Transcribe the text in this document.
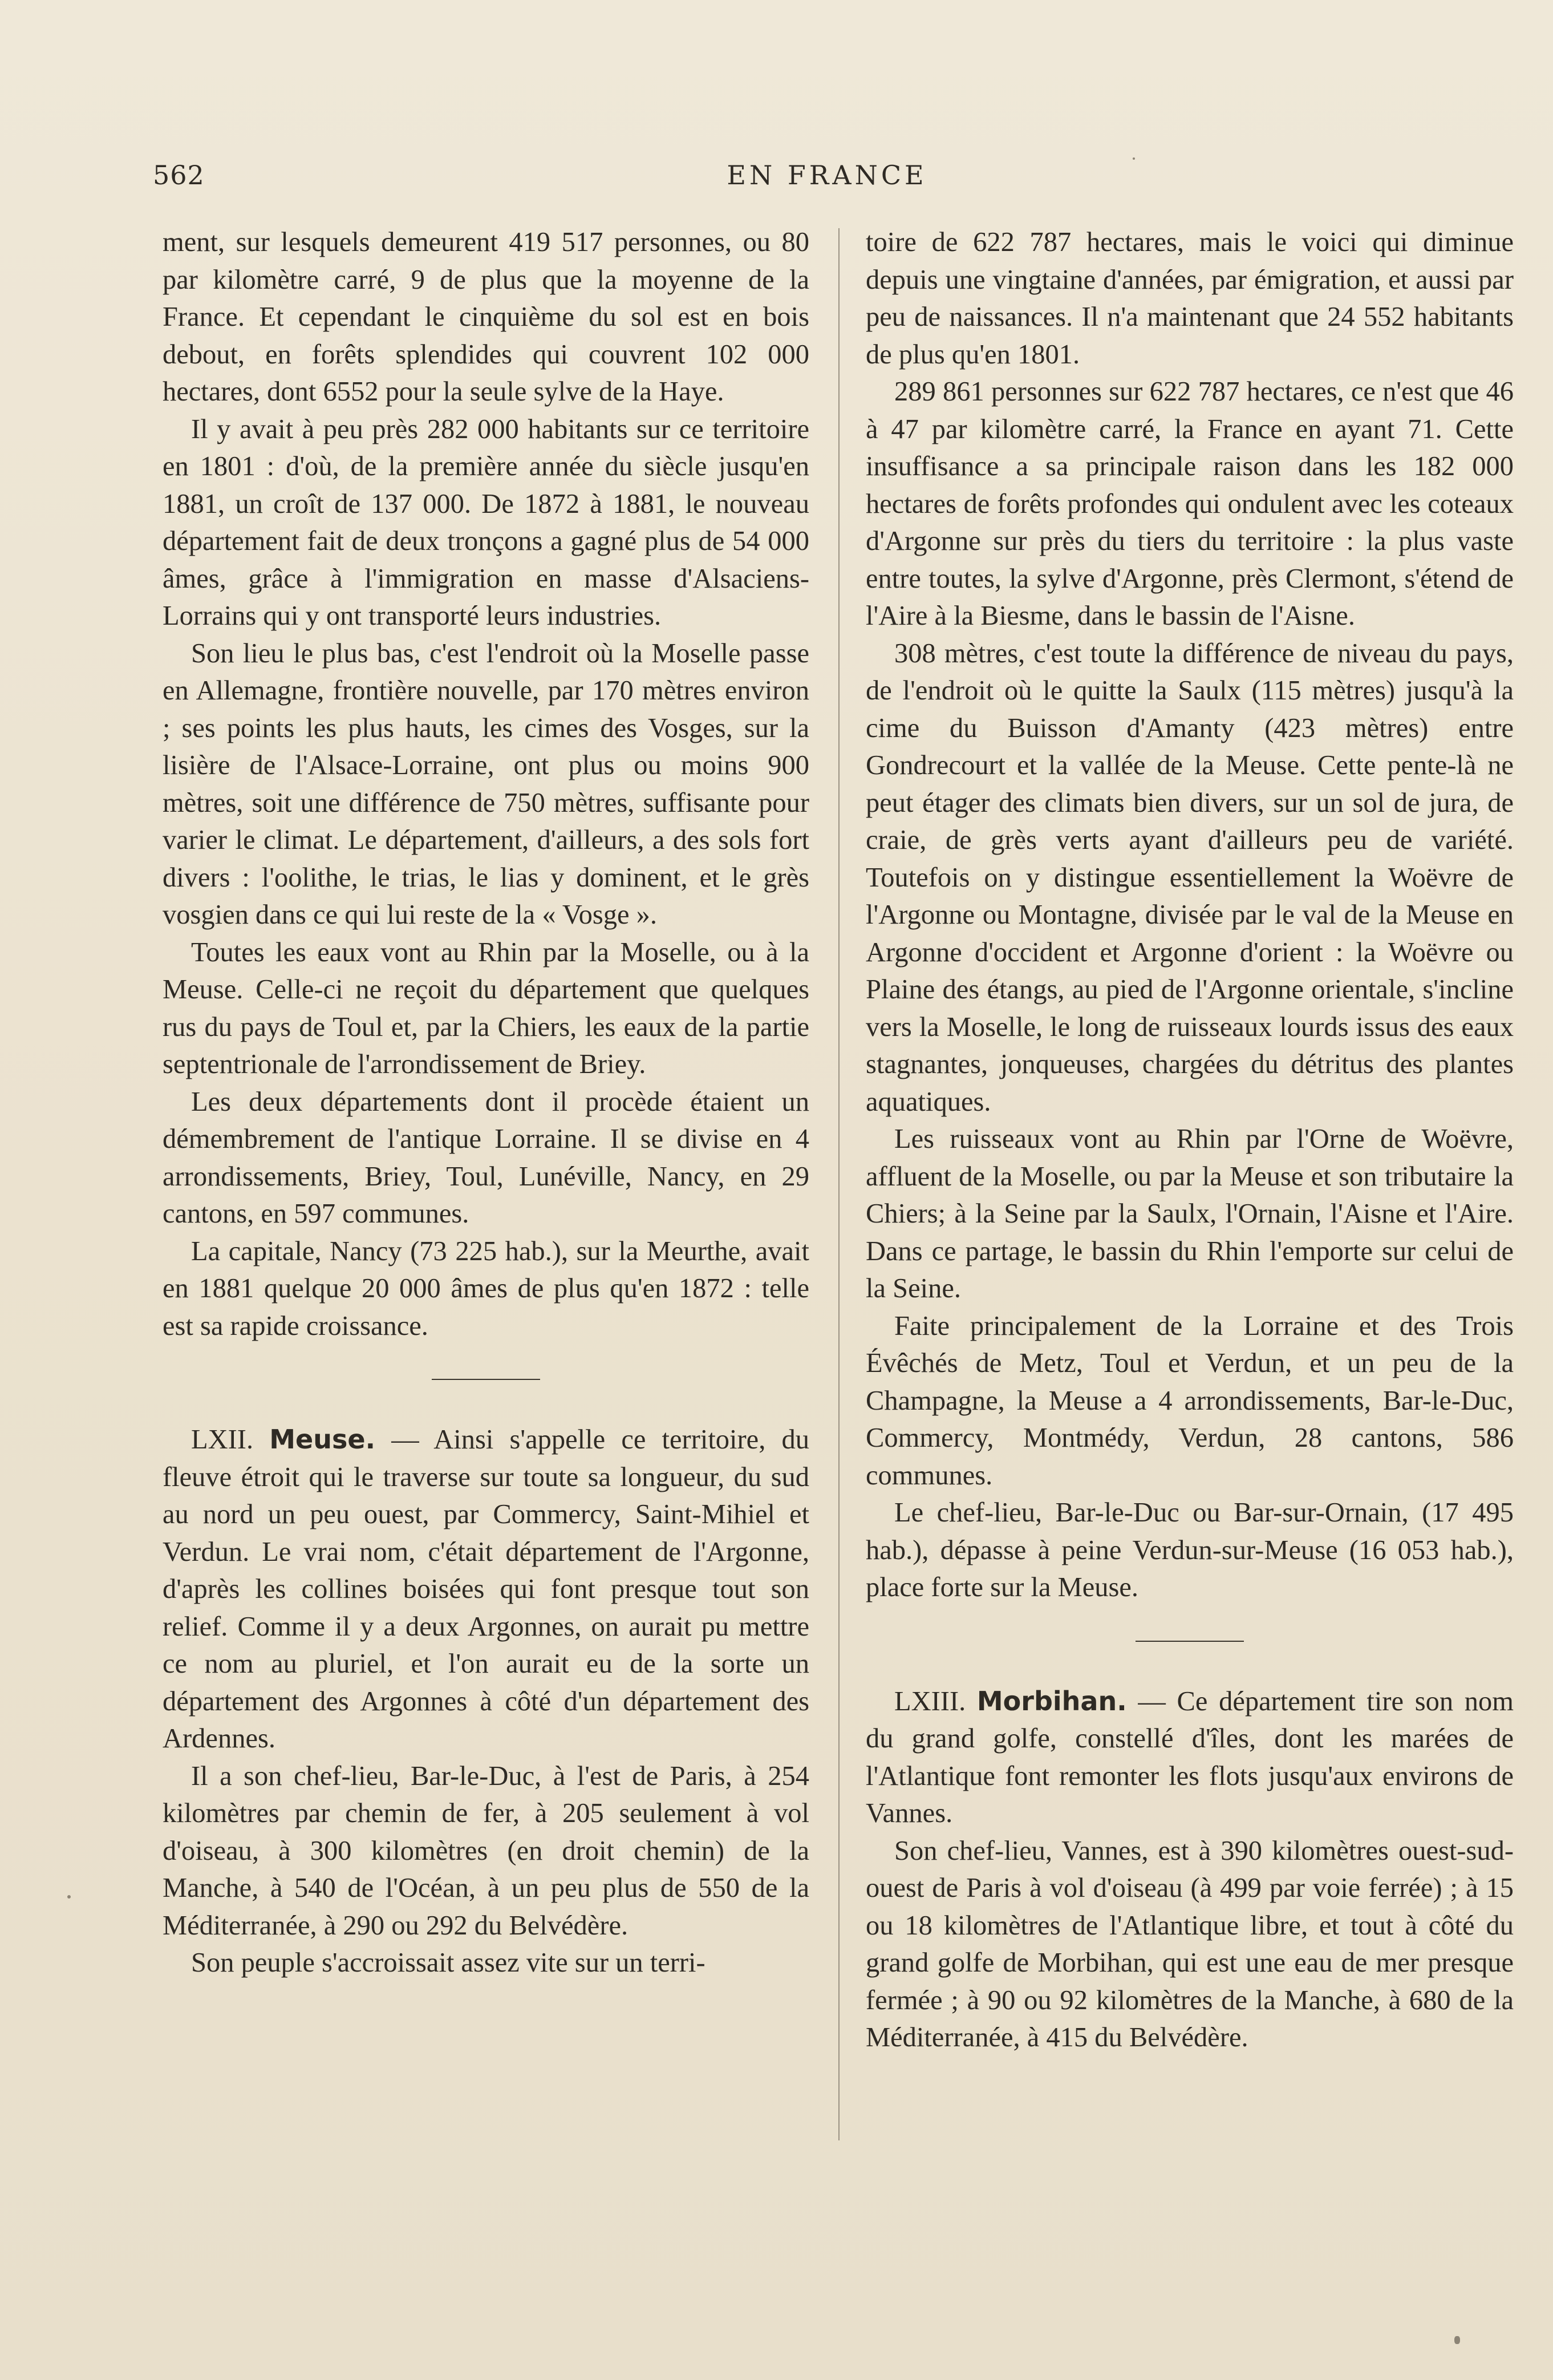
562	EN FRANCE

ment, sur lesquels demeurent 419 517 personnes, ou 80 par kilomètre carré, 9 de plus que la moyenne de la France. Et cependant le cinquième du sol est en bois debout, en forêts splendides qui couvrent 102 000 hectares, dont 6552 pour la seule sylve de la Haye.

Il y avait à peu près 282 000 habitants sur ce territoire en 1801 : d'où, de la première année du siècle jusqu'en 1881, un croît de 137 000. De 1872 à 1881, le nouveau département fait de deux tronçons a gagné plus de 54 000 âmes, grâce à l'immigration en masse d'Alsaciens-Lorrains qui y ont transporté leurs industries.

Son lieu le plus bas, c'est l'endroit où la Moselle passe en Allemagne, frontière nouvelle, par 170 mètres environ ; ses points les plus hauts, les cimes des Vosges, sur la lisière de l'Alsace-Lorraine, ont plus ou moins 900 mètres, soit une différence de 750 mètres, suffisante pour varier le climat. Le département, d'ailleurs, a des sols fort divers : l'oolithe, le trias, le lias y dominent, et le grès vosgien dans ce qui lui reste de la « Vosge ».

Toutes les eaux vont au Rhin par la Moselle, ou à la Meuse. Celle-ci ne reçoit du département que quelques rus du pays de Toul et, par la Chiers, les eaux de la partie septentrionale de l'arrondissement de Briey.

Les deux départements dont il procède étaient un démembrement de l'antique Lorraine. Il se divise en 4 arrondissements, Briey, Toul, Lunéville, Nancy, en 29 cantons, en 597 communes.

La capitale, Nancy (73 225 hab.), sur la Meurthe, avait en 1881 quelque 20 000 âmes de plus qu'en 1872 : telle est sa rapide croissance.

LXII. Meuse. — Ainsi s'appelle ce territoire, du fleuve étroit qui le traverse sur toute sa longueur, du sud au nord un peu ouest, par Commercy, Saint-Mihiel et Verdun. Le vrai nom, c'était département de l'Argonne, d'après les collines boisées qui font presque tout son relief. Comme il y a deux Argonnes, on aurait pu mettre ce nom au pluriel, et l'on aurait eu de la sorte un département des Argonnes à côté d'un département des Ardennes.

Il a son chef-lieu, Bar-le-Duc, à l'est de Paris, à 254 kilomètres par chemin de fer, à 205 seulement à vol d'oiseau, à 300 kilomètres (en droit chemin) de la Manche, à 540 de l'Océan, à un peu plus de 550 de la Méditerranée, à 290 ou 292 du Belvédère.

Son peuple s'accroissait assez vite sur un terri-

toire de 622 787 hectares, mais le voici qui diminue depuis une vingtaine d'années, par émigration, et aussi par peu de naissances. Il n'a maintenant que 24 552 habitants de plus qu'en 1801.

289 861 personnes sur 622 787 hectares, ce n'est que 46 à 47 par kilomètre carré, la France en ayant 71. Cette insuffisance a sa principale raison dans les 182 000 hectares de forêts profondes qui ondulent avec les coteaux d'Argonne sur près du tiers du territoire : la plus vaste entre toutes, la sylve d'Argonne, près Clermont, s'étend de l'Aire à la Biesme, dans le bassin de l'Aisne.

308 mètres, c'est toute la différence de niveau du pays, de l'endroit où le quitte la Saulx (115 mètres) jusqu'à la cime du Buisson d'Amanty (423 mètres) entre Gondrecourt et la vallée de la Meuse. Cette pente-là ne peut étager des climats bien divers, sur un sol de jura, de craie, de grès verts ayant d'ailleurs peu de variété. Toutefois on y distingue essentiellement la Woëvre de l'Argonne ou Montagne, divisée par le val de la Meuse en Argonne d'occident et Argonne d'orient : la Woëvre ou Plaine des étangs, au pied de l'Argonne orientale, s'incline vers la Moselle, le long de ruisseaux lourds issus des eaux stagnantes, jonqueuses, chargées du détritus des plantes aquatiques.

Les ruisseaux vont au Rhin par l'Orne de Woëvre, affluent de la Moselle, ou par la Meuse et son tributaire la Chiers; à la Seine par la Saulx, l'Ornain, l'Aisne et l'Aire. Dans ce partage, le bassin du Rhin l'emporte sur celui de la Seine.

Faite principalement de la Lorraine et des Trois Évêchés de Metz, Toul et Verdun, et un peu de la Champagne, la Meuse a 4 arrondissements, Bar-le-Duc, Commercy, Montmédy, Verdun, 28 cantons, 586 communes.

Le chef-lieu, Bar-le-Duc ou Bar-sur-Ornain, (17 495 hab.), dépasse à peine Verdun-sur-Meuse (16 053 hab.), place forte sur la Meuse.

LXIII. Morbihan. — Ce département tire son nom du grand golfe, constellé d'îles, dont les marées de l'Atlantique font remonter les flots jusqu'aux environs de Vannes.

Son chef-lieu, Vannes, est à 390 kilomètres ouest-sud-ouest de Paris à vol d'oiseau (à 499 par voie ferrée) ; à 15 ou 18 kilomètres de l'Atlantique libre, et tout à côté du grand golfe de Morbihan, qui est une eau de mer presque fermée ; à 90 ou 92 kilomètres de la Manche, à 680 de la Méditerranée, à 415 du Belvédère.
